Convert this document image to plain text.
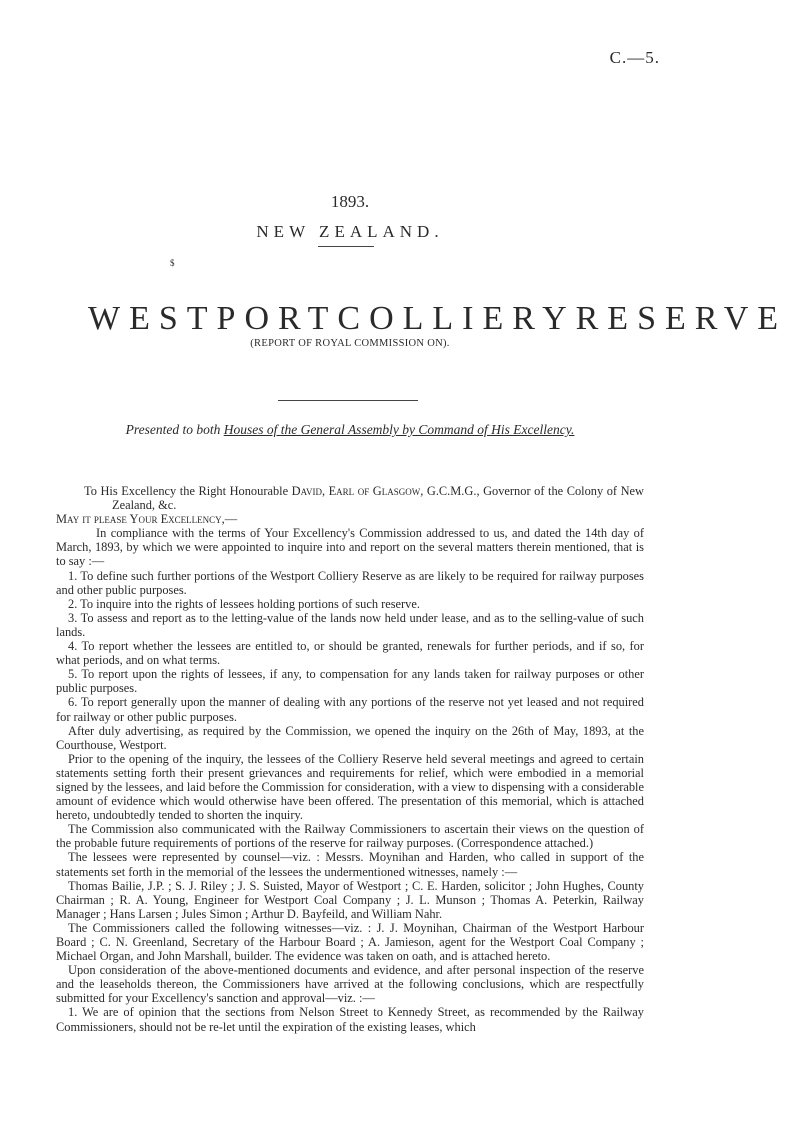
C.—5.
1893.
NEW ZEALAND.
$
WESTPORT COLLIERY RESERVE
(REPORT OF ROYAL COMMISSION ON).
Presented to both Houses of the General Assembly by Command of His Excellency.

To His Excellency the Right Honourable David, Earl of Glasgow, G.C.M.G., Governor of the Colony of New Zealand, &c.

May it please Your Excellency,—

In compliance with the terms of Your Excellency's Commission addressed to us, and dated the 14th day of March, 1893, by which we were appointed to inquire into and report on the several matters therein mentioned, that is to say :—

1. To define such further portions of the Westport Colliery Reserve as are likely to be required for railway purposes and other public purposes.

2. To inquire into the rights of lessees holding portions of such reserve.

3. To assess and report as to the letting-value of the lands now held under lease, and as to the selling-value of such lands.

4. To report whether the lessees are entitled to, or should be granted, renewals for further periods, and if so, for what periods, and on what terms.

5. To report upon the rights of lessees, if any, to compensation for any lands taken for railway purposes or other public purposes.

6. To report generally upon the manner of dealing with any portions of the reserve not yet leased and not required for railway or other public purposes.

After duly advertising, as required by the Commission, we opened the inquiry on the 26th of May, 1893, at the Courthouse, Westport.

Prior to the opening of the inquiry, the lessees of the Colliery Reserve held several meetings and agreed to certain statements setting forth their present grievances and requirements for relief, which were embodied in a memorial signed by the lessees, and laid before the Commission for consideration, with a view to dispensing with a considerable amount of evidence which would otherwise have been offered. The presentation of this memorial, which is attached hereto, undoubtedly tended to shorten the inquiry.

The Commission also communicated with the Railway Commissioners to ascertain their views on the question of the probable future requirements of portions of the reserve for railway purposes. (Correspondence attached.)

The lessees were represented by counsel—viz. : Messrs. Moynihan and Harden, who called in support of the statements set forth in the memorial of the lessees the undermentioned witnesses, namely :—

Thomas Bailie, J.P. ; S. J. Riley ; J. S. Suisted, Mayor of Westport ; C. E. Harden, solicitor ; John Hughes, County Chairman ; R. A. Young, Engineer for Westport Coal Company ; J. L. Munson ; Thomas A. Peterkin, Railway Manager ; Hans Larsen ; Jules Simon ; Arthur D. Bayfeild, and William Nahr.

The Commissioners called the following witnesses—viz. : J. J. Moynihan, Chairman of the Westport Harbour Board ; C. N. Greenland, Secretary of the Harbour Board ; A. Jamieson, agent for the Westport Coal Company ; Michael Organ, and John Marshall, builder. The evidence was taken on oath, and is attached hereto.

Upon consideration of the above-mentioned documents and evidence, and after personal inspection of the reserve and the leaseholds thereon, the Commissioners have arrived at the following conclusions, which are respectfully submitted for your Excellency's sanction and approval—viz. :—

1. We are of opinion that the sections from Nelson Street to Kennedy Street, as recommended by the Railway Commissioners, should not be re-let until the expiration of the existing leases, which
